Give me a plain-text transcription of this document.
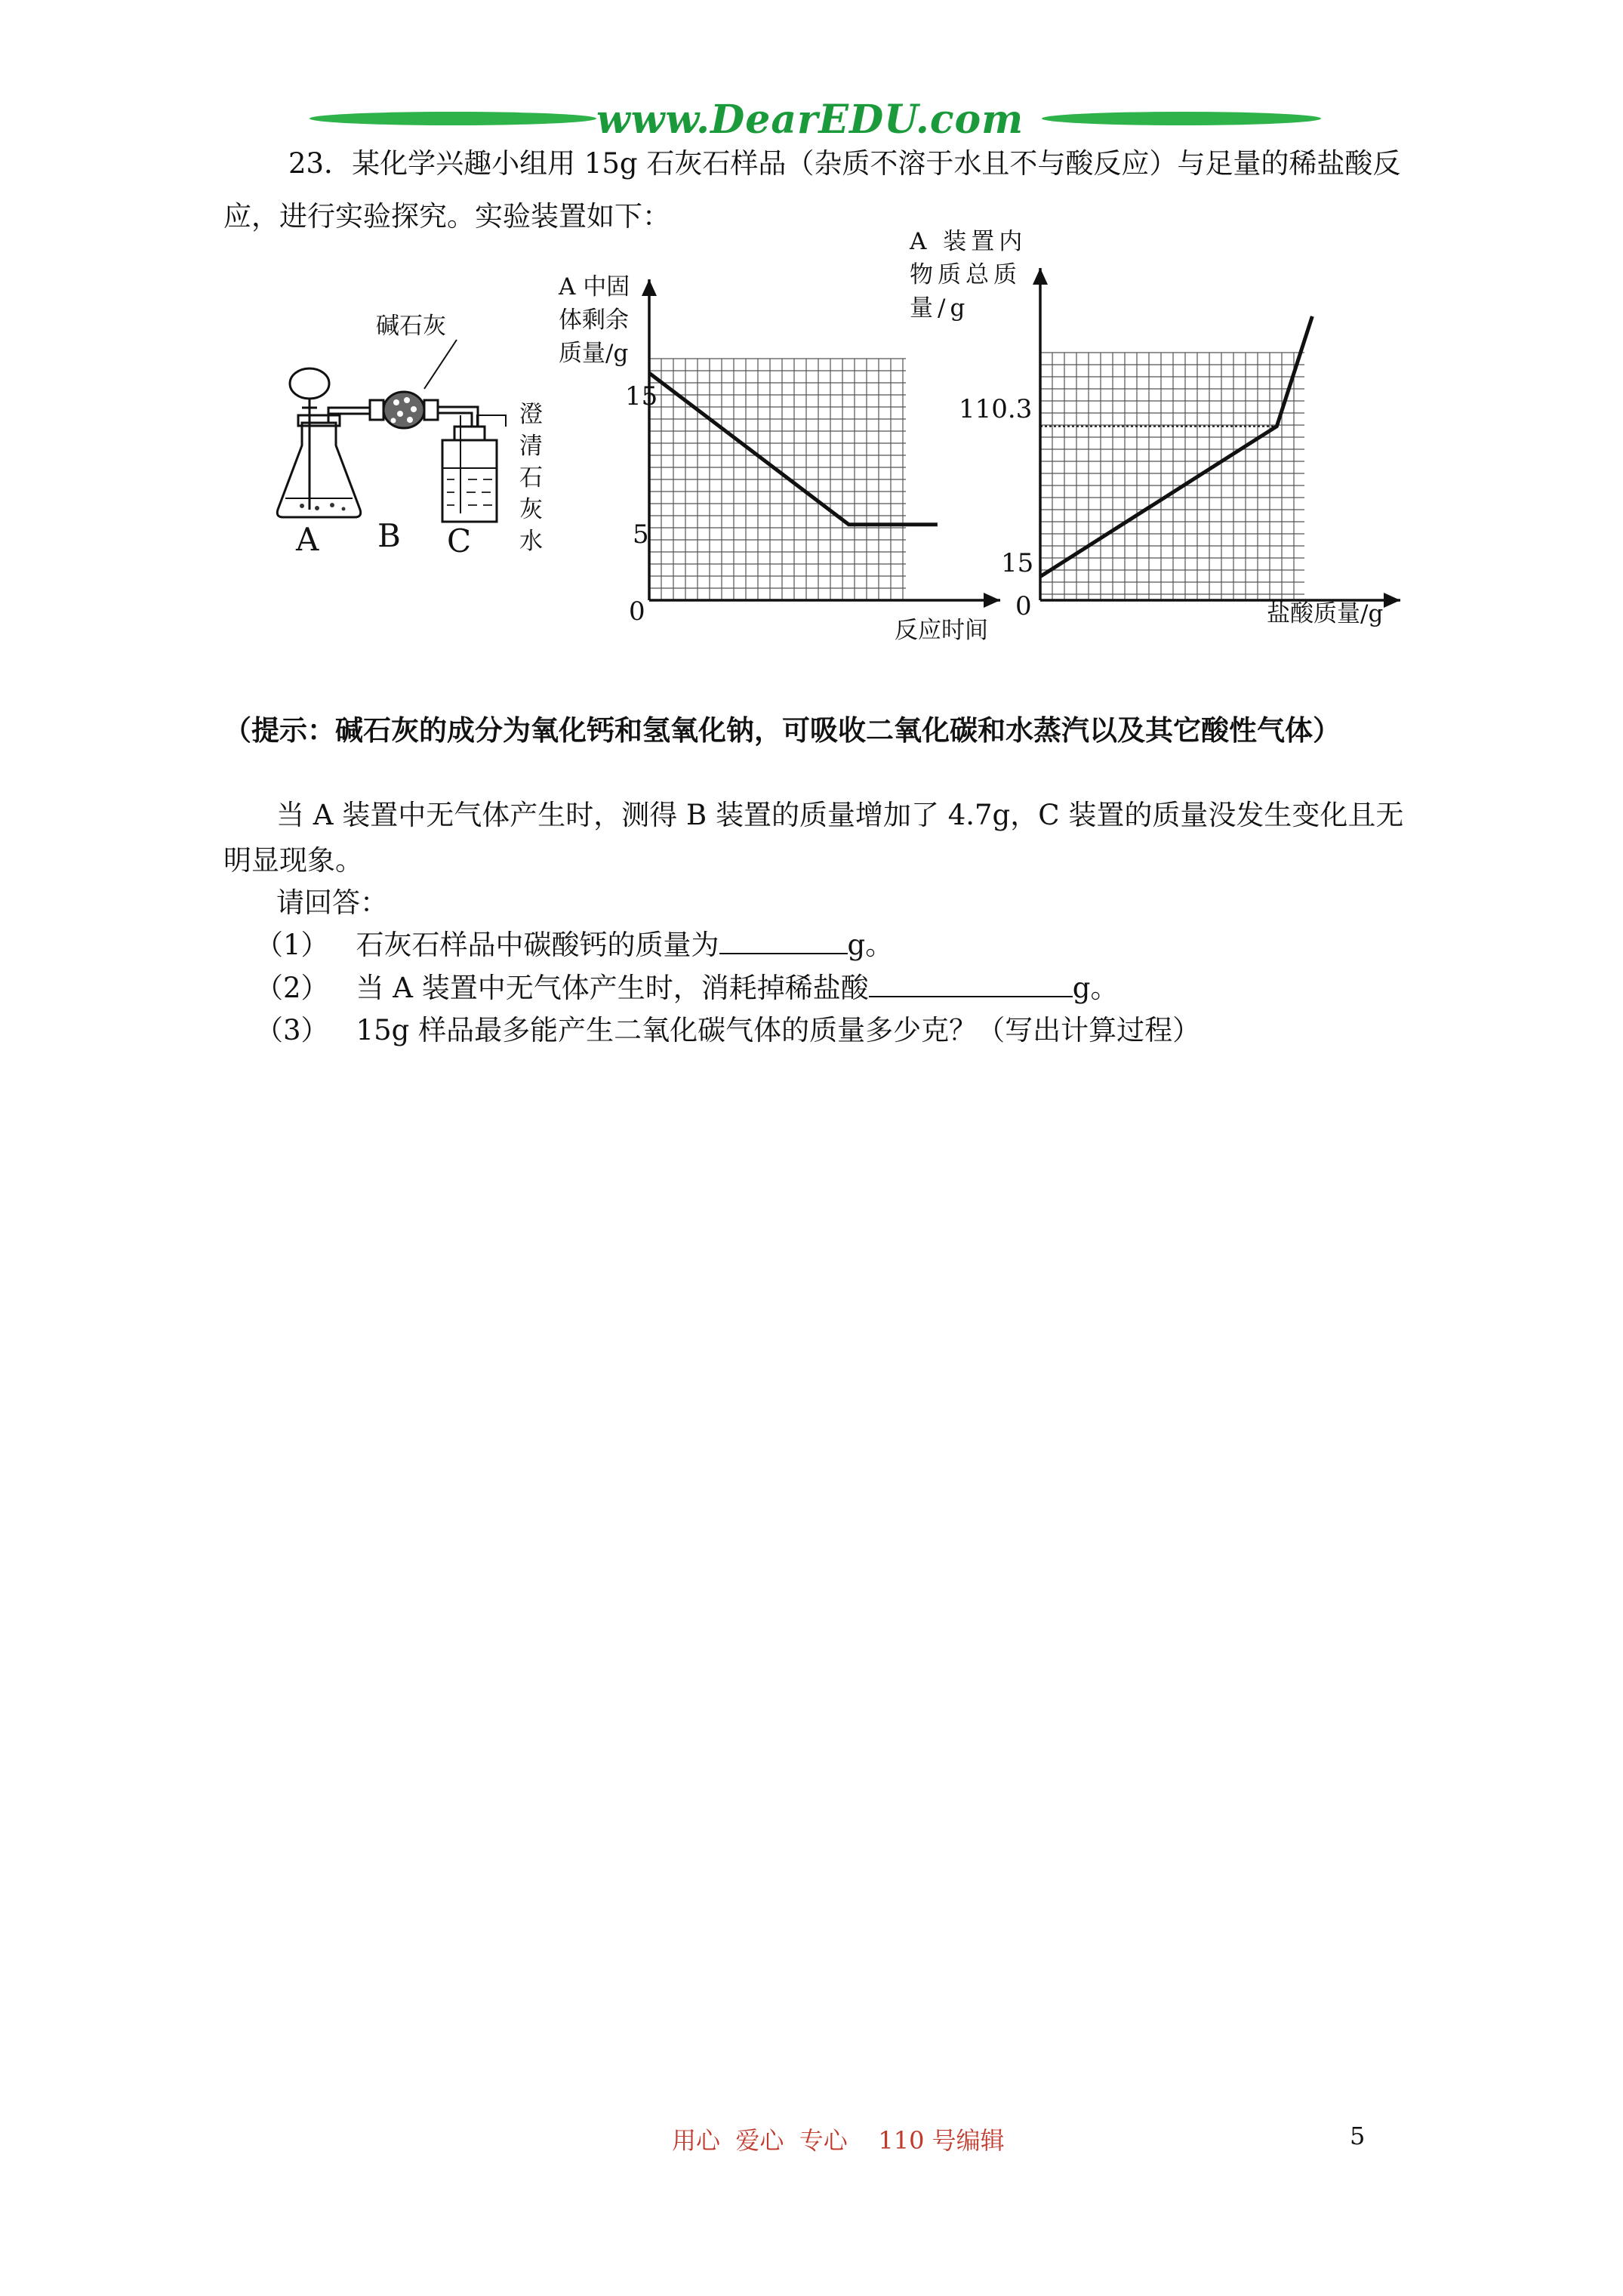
www.DearEDU.com
23．某化学兴趣小组用 15g 石灰石样品（杂质不溶于水且不与酸反应）与足量的稀盐酸反
应，进行实验探究。实验装置如下：
碱石灰
澄清石灰水
A B C
A 中固体剩余质量/g
15
5
0
反应时间
A 装置内物质总质量/g
110.3
15
0	盐酸质量/g
（提示：碱石灰的成分为氧化钙和氢氧化钠，可吸收二氧化碳和水蒸汽以及其它酸性气体）
当 A 装置中无气体产生时，测得 B 装置的质量增加了 4.7g，C 装置的质量没发生变化且无
明显现象。
请回答：
（1） 石灰石样品中碳酸钙的质量为	g。
（2） 当 A 装置中无气体产生时，消耗掉稀盐酸	g。
（3） 15g 样品最多能产生二氧化碳气体的质量多少克？（写出计算过程）
用心  爱心  专心    110 号编辑	5
